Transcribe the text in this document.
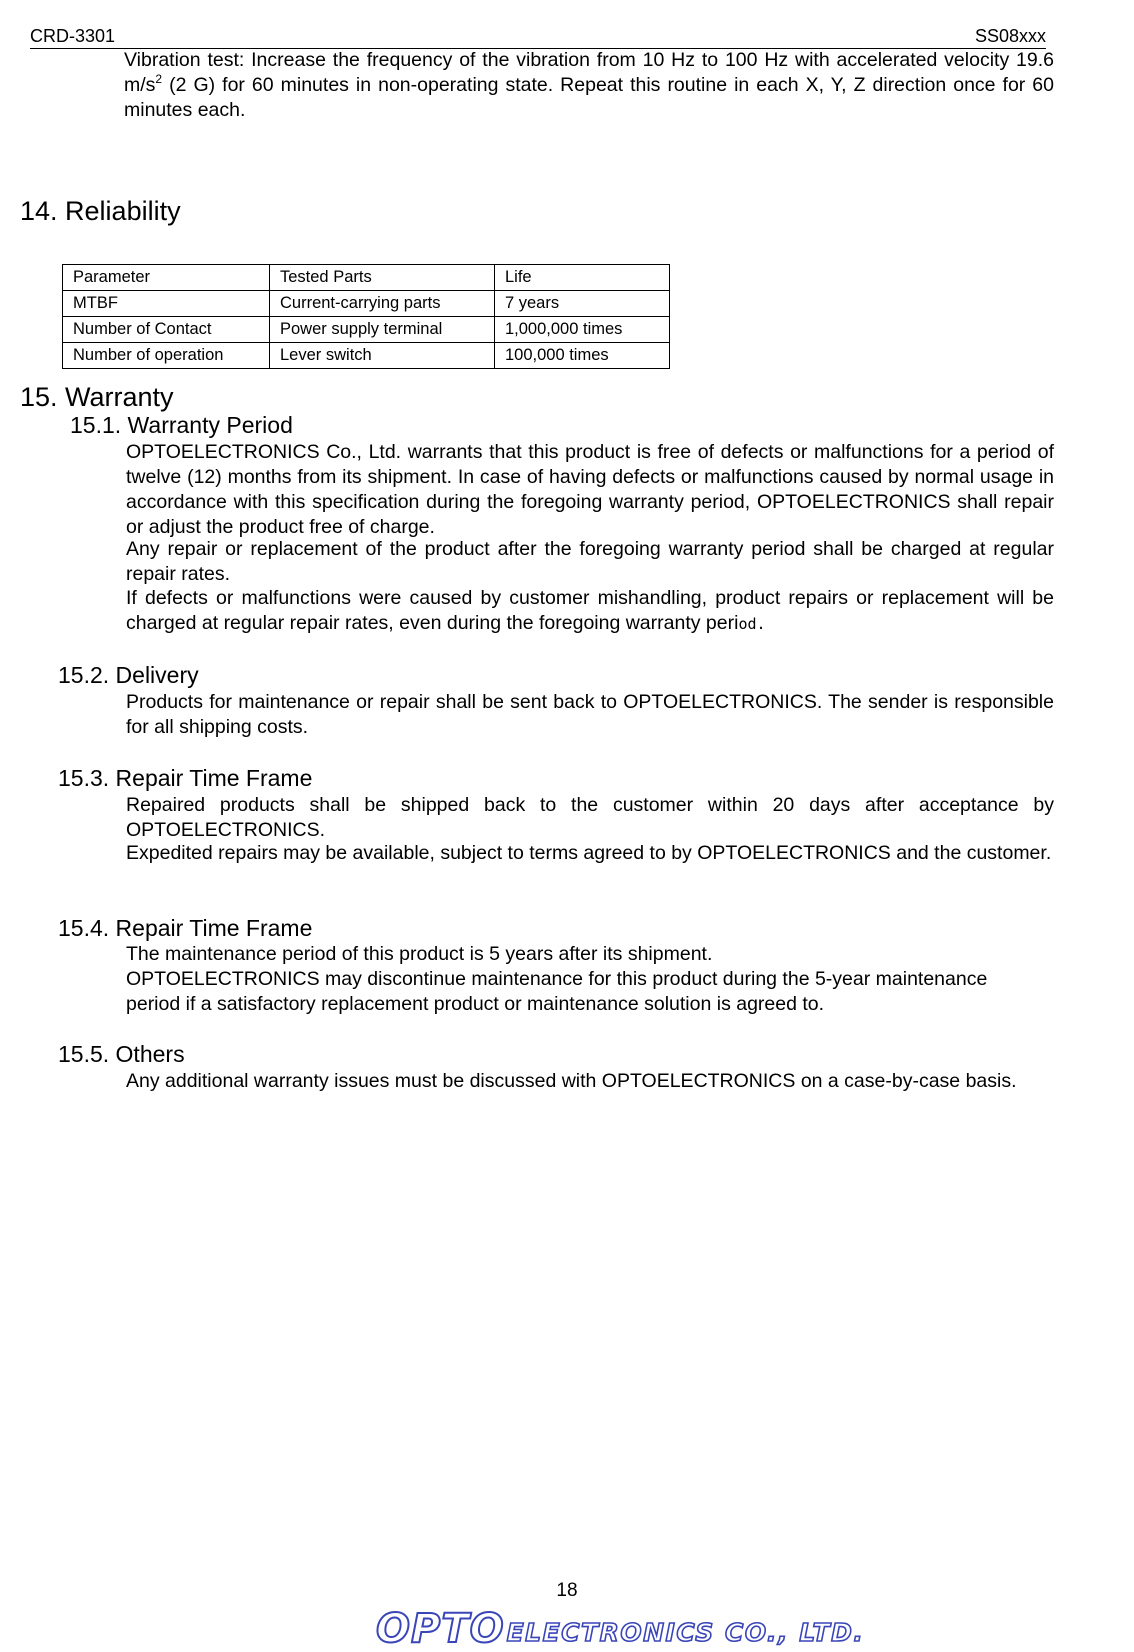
CRD-3301	SS08xxx
Vibration test: Increase the frequency of the vibration from 10 Hz to 100 Hz with accelerated velocity 19.6 $m/s^2$ (2 G) for 60 minutes in non-operating state. Repeat this routine in each X, Y, Z direction once for 60 minutes each.
14. Reliability
Parameter	Tested Parts	Life
MTBF	Current-carrying parts	7 years
Number of Contact	Power supply terminal	1,000,000 times
Number of operation	Lever switch	100,000 times
15. Warranty
15.1. Warranty Period
OPTOELECTRONICS Co., Ltd. warrants that this product is free of defects or malfunctions for a period of twelve (12) months from its shipment. In case of having defects or malfunctions caused by normal usage in accordance with this specification during the foregoing warranty period, OPTOELECTRONICS shall repair or adjust the product free of charge.
Any repair or replacement of the product after the foregoing warranty period shall be charged at regular repair rates.
If defects or malfunctions were caused by customer mishandling, product repairs or replacement will be charged at regular repair rates, even during the foregoing warranty period.
15.2. Delivery
Products for maintenance or repair shall be sent back to OPTOELECTRONICS. The sender is responsible for all shipping costs.
15.3. Repair Time Frame
Repaired products shall be shipped back to the customer within 20 days after acceptance by OPTOELECTRONICS.
Expedited repairs may be available, subject to terms agreed to by OPTOELECTRONICS and the customer.
15.4. Repair Time Frame
The maintenance period of this product is 5 years after its shipment.
OPTOELECTRONICS may discontinue maintenance for this product during the 5-year maintenance period if a satisfactory replacement product or maintenance solution is agreed to.
15.5. Others
Any additional warranty issues must be discussed with OPTOELECTRONICS on a case-by-case basis.
18
OPTO ELECTRONICS CO., LTD.
